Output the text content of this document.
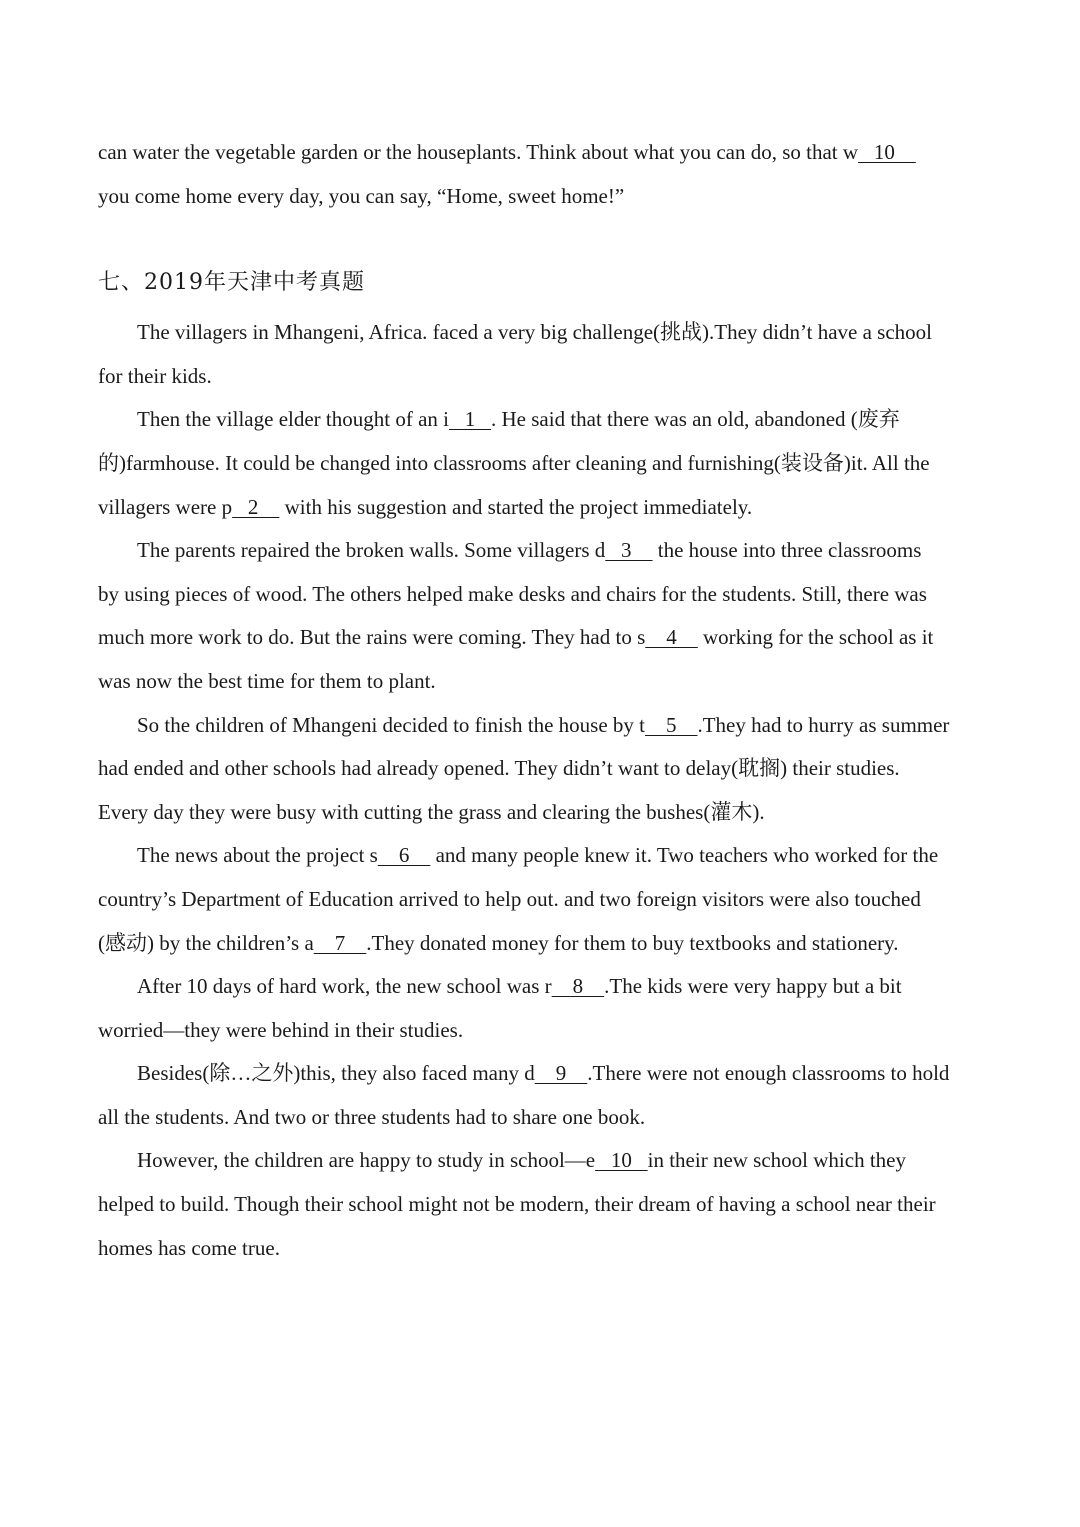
can water the vegetable garden or the houseplants. Think about what you can do, so that w   10
you come home every day, you can say, “Home, sweet home!”
七、2019年天津中考真题
The villagers in Mhangeni, Africa. faced a very big challenge(挑战).They didn’t have a school
for their kids.
Then the village elder thought of an i   1   . He said that there was an old, abandoned (废弃
的)farmhouse. It could be changed into classrooms after cleaning and furnishing(装设备)it. All the
villagers were p   2     with his suggestion and started the project immediately.
The parents repaired the broken walls. Some villagers d   3     the house into three classrooms
by using pieces of wood. The others helped make desks and chairs for the students. Still, there was
much more work to do. But the rains were coming. They had to s    4     working for the school as it
was now the best time for them to plant.
So the children of Mhangeni decided to finish the house by t    5    .They had to hurry as summer
had ended and other schools had already opened. They didn’t want to delay(耽搁) their studies.
Every day they were busy with cutting the grass and clearing the bushes(灌木).
The news about the project s    6     and many people knew it. Two teachers who worked for the
country’s Department of Education arrived to help out. and two foreign visitors were also touched
(感动) by the children’s a    7    .They donated money for them to buy textbooks and stationery.
After 10 days of hard work, the new school was r    8    .The kids were very happy but a bit
worried—they were behind in their studies.
Besides(除…之外)this, they also faced many d    9    .There were not enough classrooms to hold
all the students. And two or three students had to share one book.
However, the children are happy to study in school—e   10   in their new school which they
helped to build. Though their school might not be modern, their dream of having a school near their
homes has come true.
